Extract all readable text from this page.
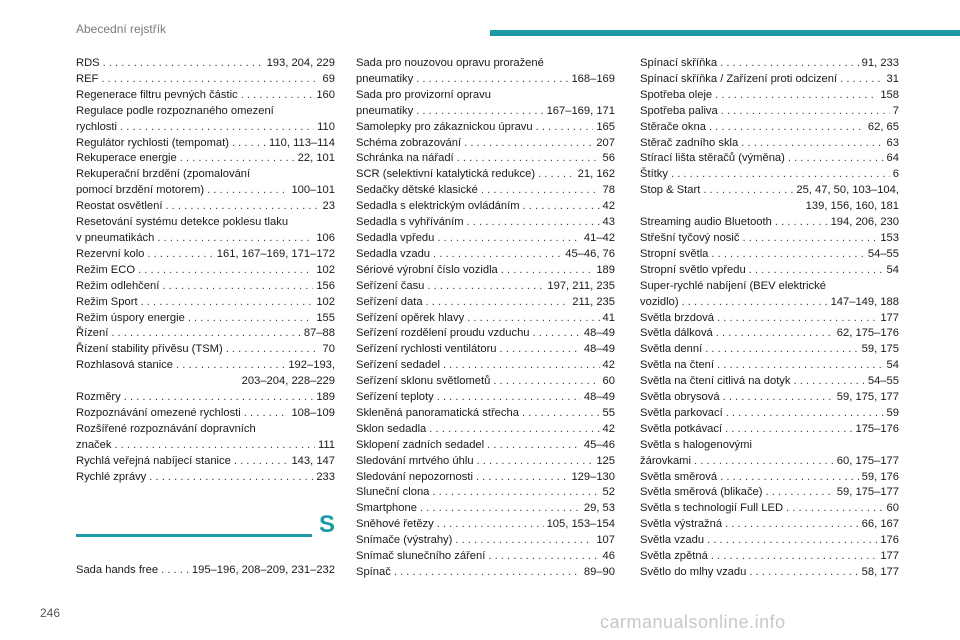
Abecední rejstřík
RDS . . .	193, 204, 229
REF . . .	69
Regenerace filtru pevných částic . . .	160
Regulace podle rozpoznaného omezení
rychlosti . . .	110
Regulátor rychlosti (tempomat) . . .	110, 113–114
Rekuperace energie . . .	22, 101
Rekuperační brzdění (zpomalování
pomocí brzdění motorem) . . .	100–101
Reostat osvětlení . . .	23
Resetování systému detekce poklesu tlaku
v pneumatikách . . .	106
Rezervní kolo . . .	161, 167–169, 171–172
Režim ECO . . .	102
Režim odlehčení . . .	156
Režim Sport . . .	102
Režim úspory energie . . .	155
Řízení . . .	87–88
Řízení stability přívěsu (TSM) . . .	70
Rozhlasová stanice . . .	192–193,
203–204, 228–229
Rozměry . . .	189
Rozpoznávání omezené rychlosti . . .	108–109
Rozšířené rozpoznávání dopravních
značek . . .	111
Rychlá veřejná nabíjecí stanice . . .	143, 147
Rychlé zprávy . . .	233
S
Sada hands free . . .	195–196, 208–209, 231–232
Sada pro nouzovou opravu proražené
pneumatiky . . .	168–169
Sada pro provizorní opravu
pneumatiky . . .	167–169, 171
Samolepky pro zákaznickou úpravu . . .	165
Schéma zobrazování . . .	207
Schránka na nářadí . . .	56
SCR (selektivní katalytická redukce) . . .	21, 162
Sedačky dětské klasické . . .	78
Sedadla s elektrickým ovládáním . . .	42
Sedadla s vyhříváním . . .	43
Sedadla vpředu . . .	41–42
Sedadla vzadu . . .	45–46, 76
Sériové výrobní číslo vozidla . . .	189
Seřízení času . . .	197, 211, 235
Seřízení data . . .	211, 235
Seřízení opěrek hlavy . . .	41
Seřízení rozdělení proudu vzduchu . . .	48–49
Seřízení rychlosti ventilátoru . . .	48–49
Seřízení sedadel . . .	42
Seřízení sklonu světlometů . . .	60
Seřízení teploty . . .	48–49
Skleněná panoramatická střecha . . .	55
Sklon sedadla . . .	42
Sklopení zadních sedadel . . .	45–46
Sledování mrtvého úhlu . . .	125
Sledování nepozornosti . . .	129–130
Sluneční clona . . .	52
Smartphone . . .	29, 53
Sněhové řetězy . . .	105, 153–154
Snímače (výstrahy) . . .	107
Snímač slunečního záření . . .	46
Spínač . . .	89–90
Spínací skříňka . . .	91, 233
Spínací skříňka / Zařízení proti odcizení . . .	31
Spotřeba oleje . . .	158
Spotřeba paliva . . .	7
Stěrače okna . . .	62, 65
Stěrač zadního skla . . .	63
Stírací lišta stěračů (výměna) . . .	64
Štítky . . .	6
Stop & Start . . .	25, 47, 50, 103–104,
139, 156, 160, 181
Streaming audio Bluetooth . . .	194, 206, 230
Střešní tyčový nosič . . .	153
Stropní světla . . .	54–55
Stropní světlo vpředu . . .	54
Super-rychlé nabíjení (BEV elektrické
vozidlo) . . .	147–149, 188
Světla brzdová . . .	177
Světla dálková . . .	62, 175–176
Světla denní . . .	59, 175
Světla na čtení . . .	54
Světla na čtení citlivá na dotyk . . .	54–55
Světla obrysová . . .	59, 175, 177
Světla parkovací . . .	59
Světla potkávací . . .	175–176
Světla s halogenovými
žárovkami . . .	60, 175–177
Světla směrová . . .	59, 176
Světla směrová (blikače) . . .	59, 175–177
Světla s technologií Full LED . . .	60
Světla výstražná . . .	66, 167
Světla vzadu . . .	176
Světla zpětná . . .	177
Světlo do mlhy vzadu . . .	58, 177
246	carmanualsonline.info
